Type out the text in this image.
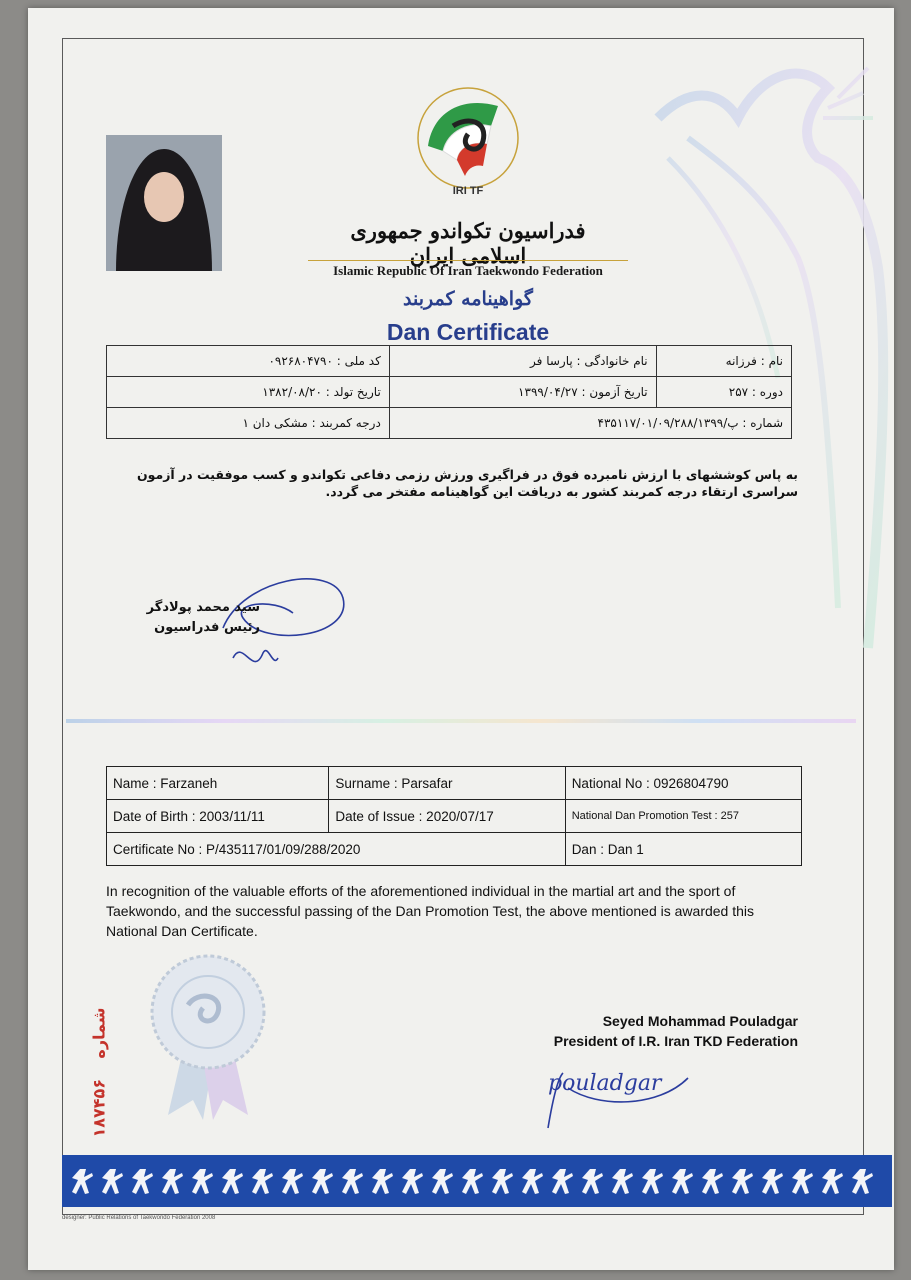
IRI TF
فدراسیون تکواندو جمهوری اسلامی ایران
Islamic Republic Of Iran Taekwondo Federation
گواهینامه کمربند
Dan Certificate
نام : فرزانه	نام خانوادگی : پارسا فر	کد ملی : ۰۹۲۶۸۰۴۷۹۰
دوره : ۲۵۷	تاریخ آزمون : ۱۳۹۹/۰۴/۲۷	تاریخ تولد : ۱۳۸۲/۰۸/۲۰
شماره : پ/۴۳۵۱۱۷/۰۱/۰۹/۲۸۸/۱۳۹۹		درجه کمربند : مشکی دان ۱
به پاس کوششهای با ارزش نامبرده فوق در فراگیری ورزش رزمی دفاعی تکواندو و کسب موفقیت در آزمون سراسری ارتقاء درجه کمربند کشور به دریافت این گواهینامه مفتخر می گردد.
سید محمد پولادگر
رئیس فدراسیون
Name : Farzaneh	Surname : Parsafar	National No : 0926804790
Date of Birth : 2003/11/11	Date of Issue : 2020/07/17	National Dan Promotion Test : 257
Certificate No : P/435117/01/09/288/2020		Dan : Dan 1
In recognition of the valuable efforts of the aforementioned individual in the martial art and the sport of Taekwondo, and the successful passing of the Dan Promotion Test, the above mentioned is awarded this National Dan Certificate.
شماره    ۱۸۷۴۵۶
Seyed Mohammad Pouladgar
President of I.R. Iran TKD Federation
pouladgar
designer: Public Relations of Taekwondo Federation 2008
